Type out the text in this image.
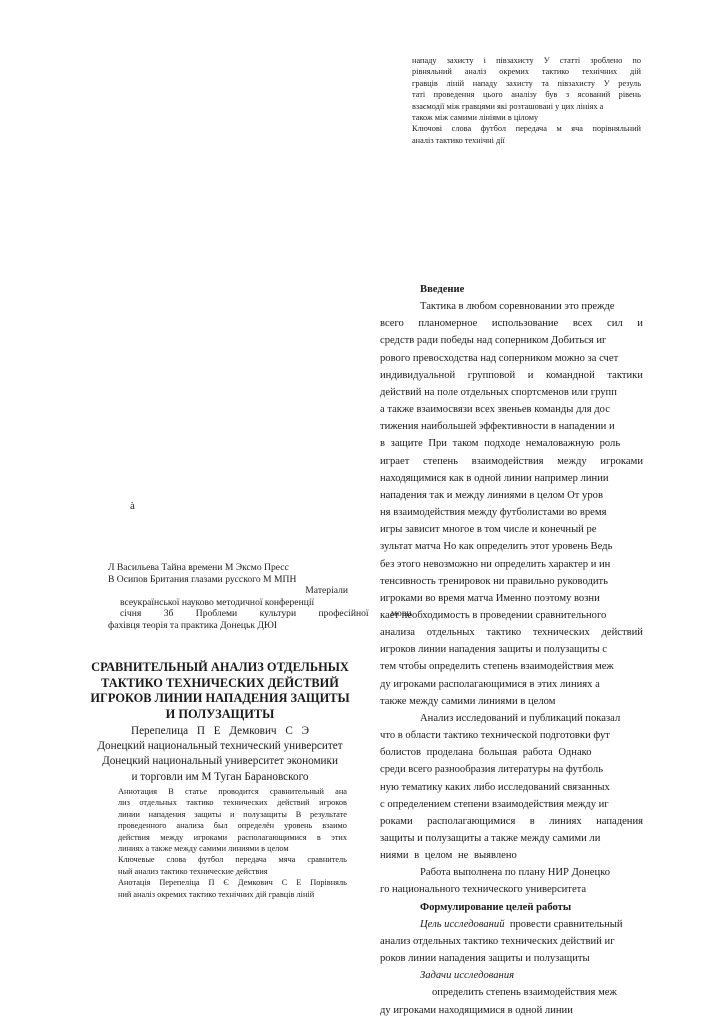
нападу захисту і півзахисту У статті зроблено по
рівняльний аналіз окремих тактико технічних дій
гравців ліній нападу захисту та півзахисту У резуль
таті проведення цього аналізу був з ясований рівень
взаємодії між гравцями які розташовані у цих лініях а
також між самими лініями в цілому
Ключові слова футбол передача м яча порівняльний
аналіз тактико технічні дії
à
Л Васильева Тайна времени М Эксмо Пресс
В Осипов Британия глазами русского М МПН
Матеріали
всеукраїнської науково методичної конференції
січня 3б Проблеми культури професійної мови
фахівця теорія та практика Донецьк ДЮІ
СРАВНИТЕЛЬНЫЙ АНАЛИЗ ОТДЕЛЬНЫХ
ТАКТИКО ТЕХНИЧЕСКИХ ДЕЙСТВИЙ
ИГРОКОВ ЛИНИИ НАПАДЕНИЯ ЗАЩИТЫ
И ПОЛУЗАЩИТЫ
Перепелица П Е Демкович С Э
Донецкий национальный технический университет
Донецкий национальный университет экономики
и торговли им М Туган Барановского
Аннотация В статье проводится сравнительный ана
лиз отдельных тактико технических действий игроков
линии нападения защиты и полузащиты В результате
проведенного анализа был определён уровень взаимо
действия между игроками располагающимися в этих
линиях а также между самими линиями в целом
Ключевые слова футбол передача мяча сравнитель
ный анализ тактико технические действия
Анотація Перепеліца П Є Демкович С Е Порівняль
ний аналіз окремих тактико технічних дій гравців ліній
Введение
Тактика в любом соревновании это прежде
всего планомерное использование всех сил и
средств ради победы над соперником Добиться иг
рового превосходства над соперником можно за счет
индивидуальной групповой и командной тактики
действий на поле отдельных спортсменов или групп
а также взаимосвязи всех звеньев команды для дос
тижения наибольшей эффективности в нападении и
в защите При таком подходе немаловажную роль
играет степень взаимодействия между игроками
находящимися как в одной линии например линии
нападения так и между линиями в целом От уров
ня взаимодействия между футболистами во время
игры зависит многое в том числе и конечный ре
зультат матча Но как определить этот уровень Ведь
без этого невозможно ни определить характер и ин
тенсивность тренировок ни правильно руководить
игроками во время матча Именно поэтому возни
кает необходимость в проведении сравнительного
анализа отдельных тактико технических действий
игроков линии нападения защиты и полузащиты с
тем чтобы определить степень взаимодействия меж
ду игроками располагающимися в этих линиях а
также между самими линиями в целом
Анализ исследований и публикаций показал
что в области тактико технической подготовки фут
болистов проделана большая работа Однако
среди всего разнообразия литературы на футболь
ную тематику каких либо исследований связанных
с определением степени взаимодействия между иг
роками располагающимися в линиях нападения
защиты и полузащиты а также между самими ли
ниями в целом не выявлено
Работа выполнена по плану НИР Донецко
го национального технического университета
Формулирование целей работы
Цель исследований провести сравнительный
анализ отдельных тактико технических действий иг
роков линии нападения защиты и полузащиты
Задачи исследования
определить степень взаимодействия меж
ду игроками находящимися в одной линии
